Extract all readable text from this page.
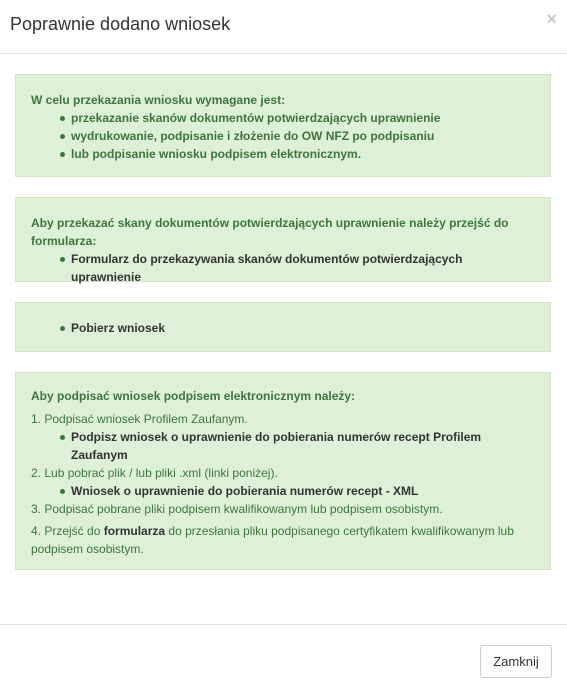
Poprawnie dodano wniosek	×

W celu przekazania wniosku wymagane jest:

przekazanie skanów dokumentów potwierdzających uprawnienie
wydrukowanie, podpisanie i złożenie do OW NFZ po podpisaniu
lub podpisanie wniosku podpisem elektronicznym.

Aby przekazać skany dokumentów potwierdzających uprawnienie należy przejść do formularza:

Formularz do przekazywania skanów dokumentów potwierdzających uprawnienie
Pobierz wniosek

Aby podpisać wniosek podpisem elektronicznym należy:

1. Podpisać wniosek Profilem Zaufanym.
Podpisz wniosek o uprawnienie do pobierania numerów recept Profilem Zaufanym
2. Lub pobrać plik / lub pliki .xml (linki poniżej).
Wniosek o uprawnienie do pobierania numerów recept - XML
3. Podpisać pobrane pliki podpisem kwalifikowanym lub podpisem osobistym.
4. Przejść do formularza do przesłania pliku podpisanego certyfikatem kwalifikowanym lub podpisem osobistym.
Zamknij
